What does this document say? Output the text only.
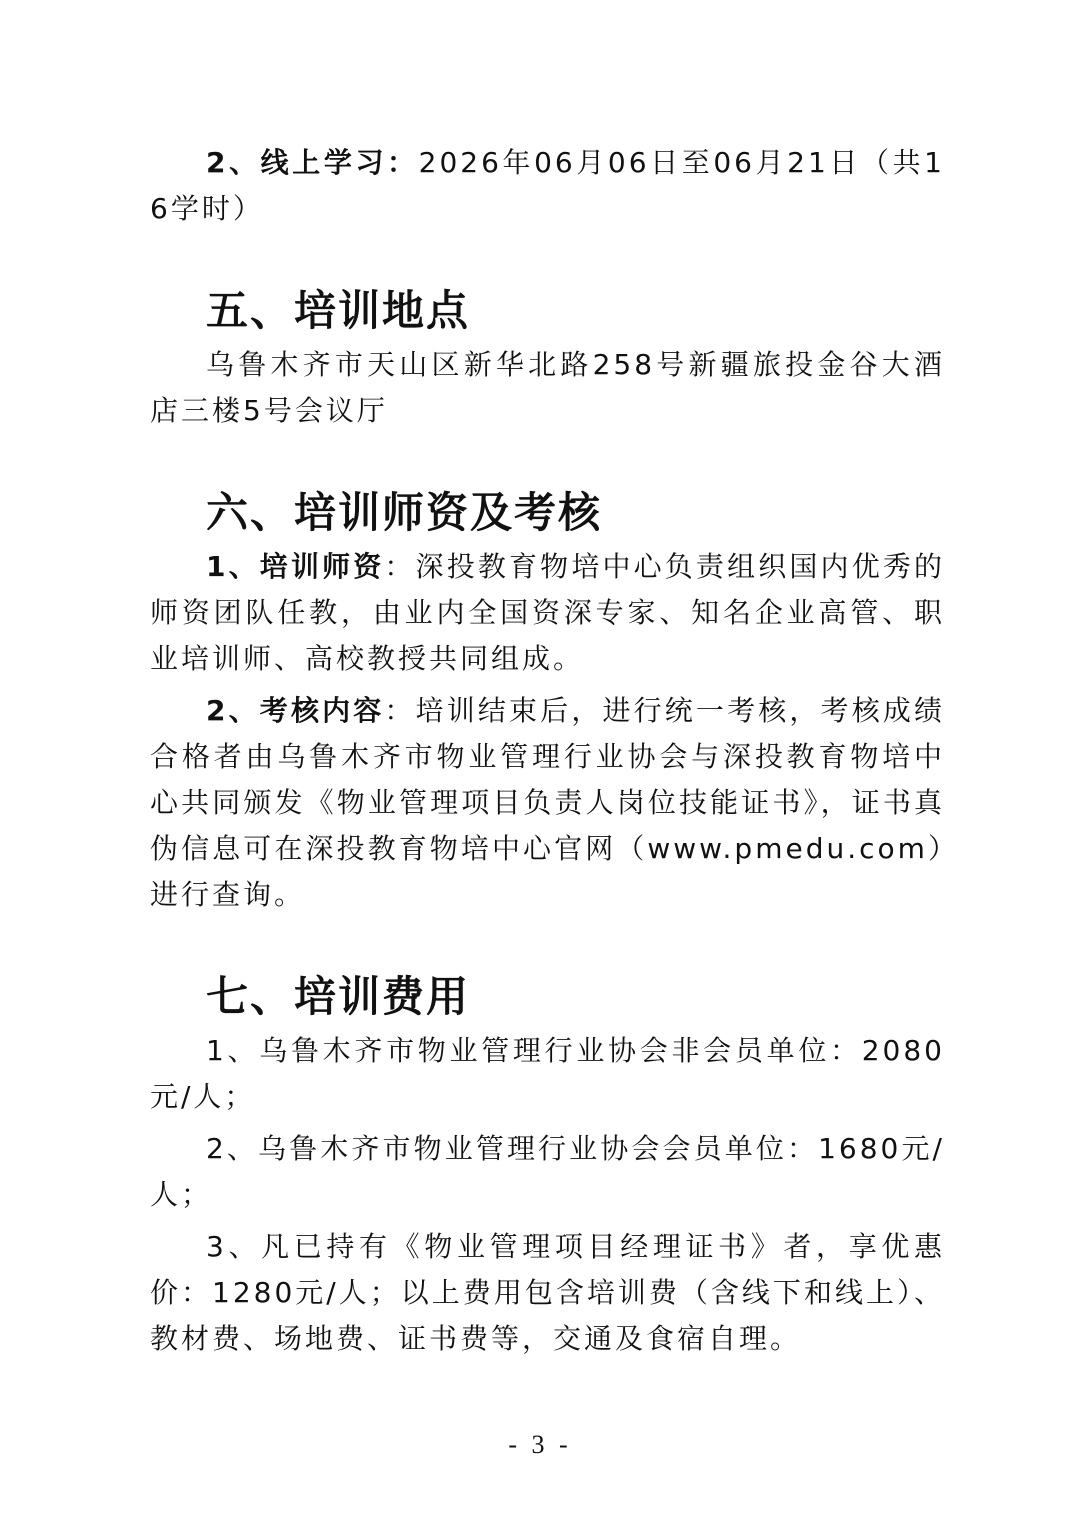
2、线上学习：2026年06月06日至06月21日（共16学时）

五、培训地点

乌鲁木齐市天山区新华北路258号新疆旅投金谷大酒店三楼5号会议厅

六、培训师资及考核

1、培训师资：深投教育物培中心负责组织国内优秀的师资团队任教，由业内全国资深专家、知名企业高管、职业培训师、高校教授共同组成。

2、考核内容：培训结束后，进行统一考核，考核成绩合格者由乌鲁木齐市物业管理行业协会与深投教育物培中心共同颁发《物业管理项目负责人岗位技能证书》，证书真伪信息可在深投教育物培中心官网（www.pmedu.com）进行查询。

七、培训费用

1、乌鲁木齐市物业管理行业协会非会员单位：2080元/人；

2、乌鲁木齐市物业管理行业协会会员单位：1680元/人；

3、凡已持有《物业管理项目经理证书》者，享优惠价：1280元/人；以上费用包含培训费（含线下和线上）、教材费、场地费、证书费等，交通及食宿自理。

- 3 -
